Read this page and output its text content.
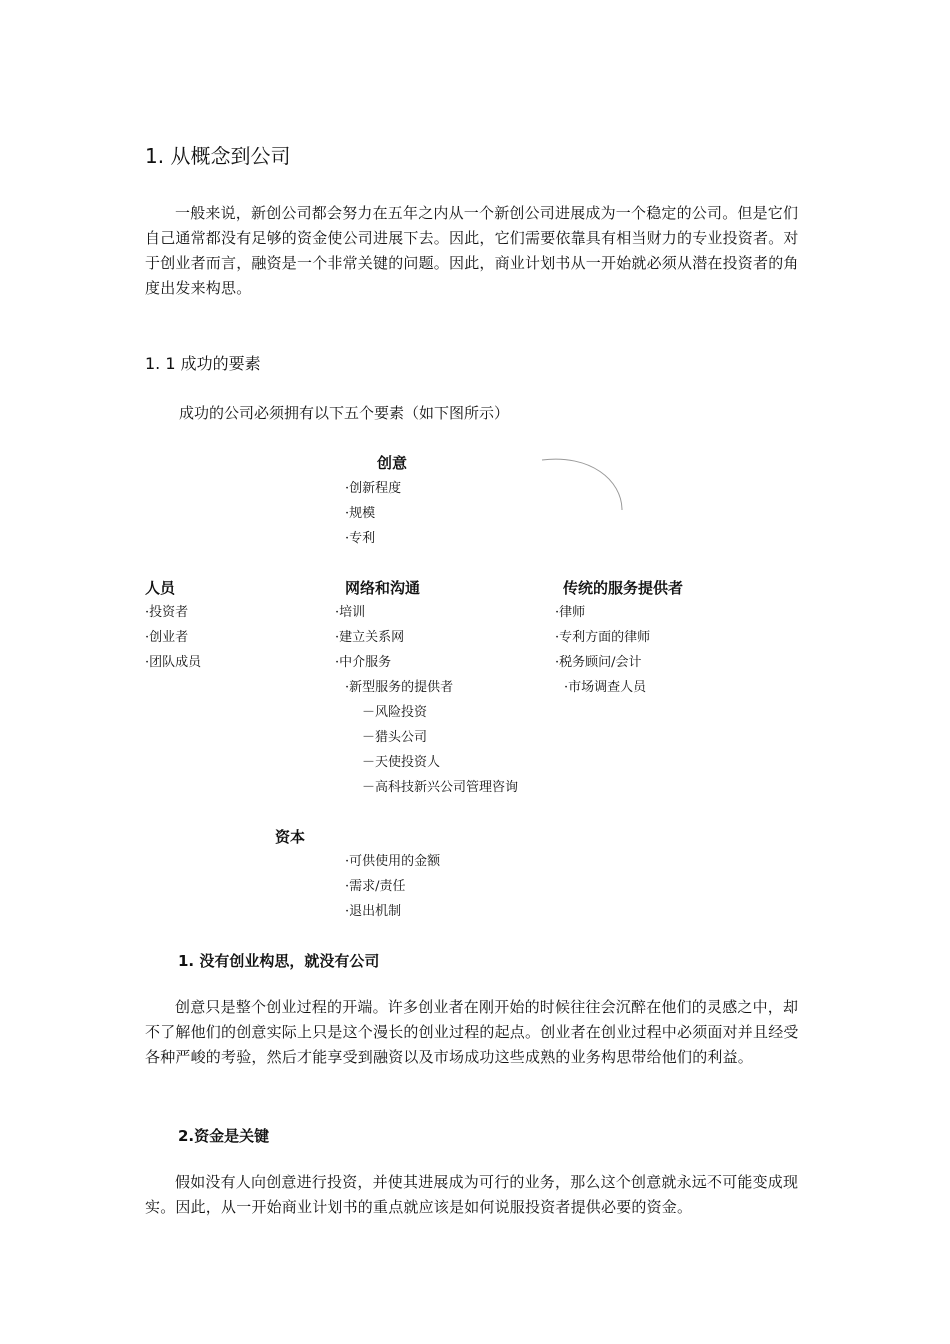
1. 从概念到公司
一般来说，新创公司都会努力在五年之内从一个新创公司进展成为一个稳定的公司。但是它们自己通常都没有足够的资金使公司进展下去。因此，它们需要依靠具有相当财力的专业投资者。对于创业者而言，融资是一个非常关键的问题。因此，商业计划书从一开始就必须从潜在投资者的角度出发来构思。
1. 1 成功的要素
成功的公司必须拥有以下五个要素（如下图所示）
创意
·创新程度
·规模
·专利
人员
·投资者
·创业者
·团队成员
网络和沟通
·培训
·建立关系网
·中介服务
·新型服务的提供者
－风险投资
－猎头公司
－天使投资人
－高科技新兴公司管理咨询
传统的服务提供者
·律师
·专利方面的律师
·税务顾问/会计
·市场调查人员
资本
·可供使用的金额
·需求/责任
·退出机制
1. 没有创业构思，就没有公司
创意只是整个创业过程的开端。许多创业者在刚开始的时候往往会沉醉在他们的灵感之中，却不了解他们的创意实际上只是这个漫长的创业过程的起点。创业者在创业过程中必须面对并且经受各种严峻的考验，然后才能享受到融资以及市场成功这些成熟的业务构思带给他们的利益。
2.资金是关键
假如没有人向创意进行投资，并使其进展成为可行的业务，那么这个创意就永远不可能变成现实。因此，从一开始商业计划书的重点就应该是如何说服投资者提供必要的资金。
